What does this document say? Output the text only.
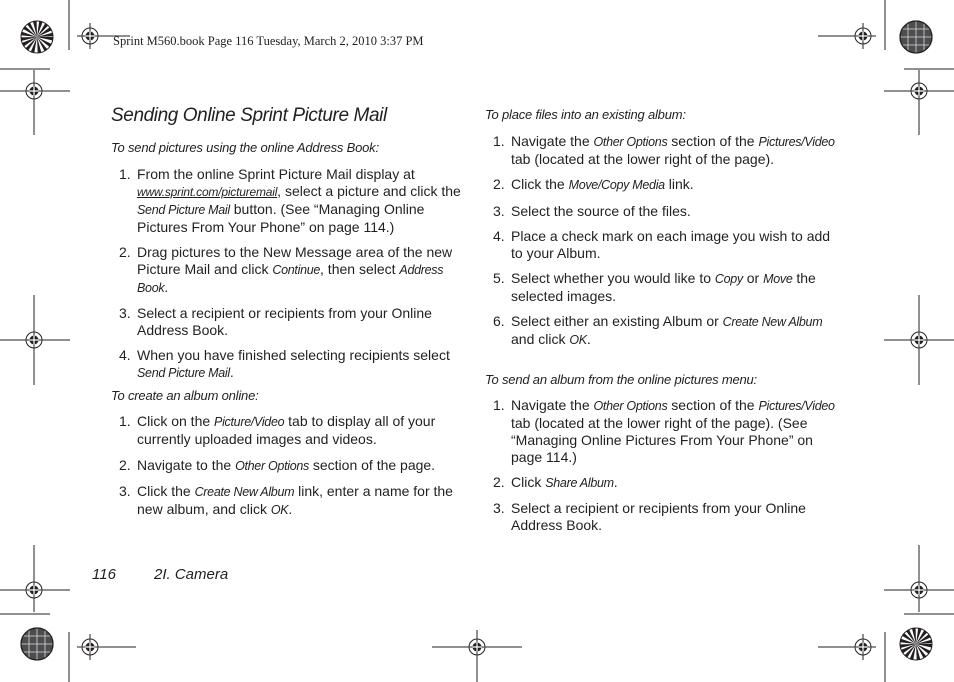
Sprint M560.book Page 116 Tuesday, March 2, 2010 3:37 PM
Sending Online Sprint Picture Mail

To send pictures using the online Address Book:

1. From the online Sprint Picture Mail display at www.sprint.com/picturemail, select a picture and click the Send Picture Mail button. (See “Managing Online Pictures From Your Phone” on page 114.)
2. Drag pictures to the New Message area of the new Picture Mail and click Continue, then select Address Book.
3. Select a recipient or recipients from your Online Address Book.
4. When you have finished selecting recipients select Send Picture Mail.

To create an album online:

1. Click on the Picture/Video tab to display all of your currently uploaded images and videos.
2. Navigate to the Other Options section of the page.
3. Click the Create New Album link, enter a name for the new album, and click OK.

To place files into an existing album:

1. Navigate the Other Options section of the Pictures/Video tab (located at the lower right of the page).
2. Click the Move/Copy Media link.
3. Select the source of the files.
4. Place a check mark on each image you wish to add to your Album.
5. Select whether you would like to Copy or Move the selected images.
6. Select either an existing Album or Create New Album and click OK.

To send an album from the online pictures menu:

1. Navigate the Other Options section of the Pictures/Video tab (located at the lower right of the page). (See “Managing Online Pictures From Your Phone” on page 114.)
2. Click Share Album.
3. Select a recipient or recipients from your Online Address Book.
116	2I. Camera
